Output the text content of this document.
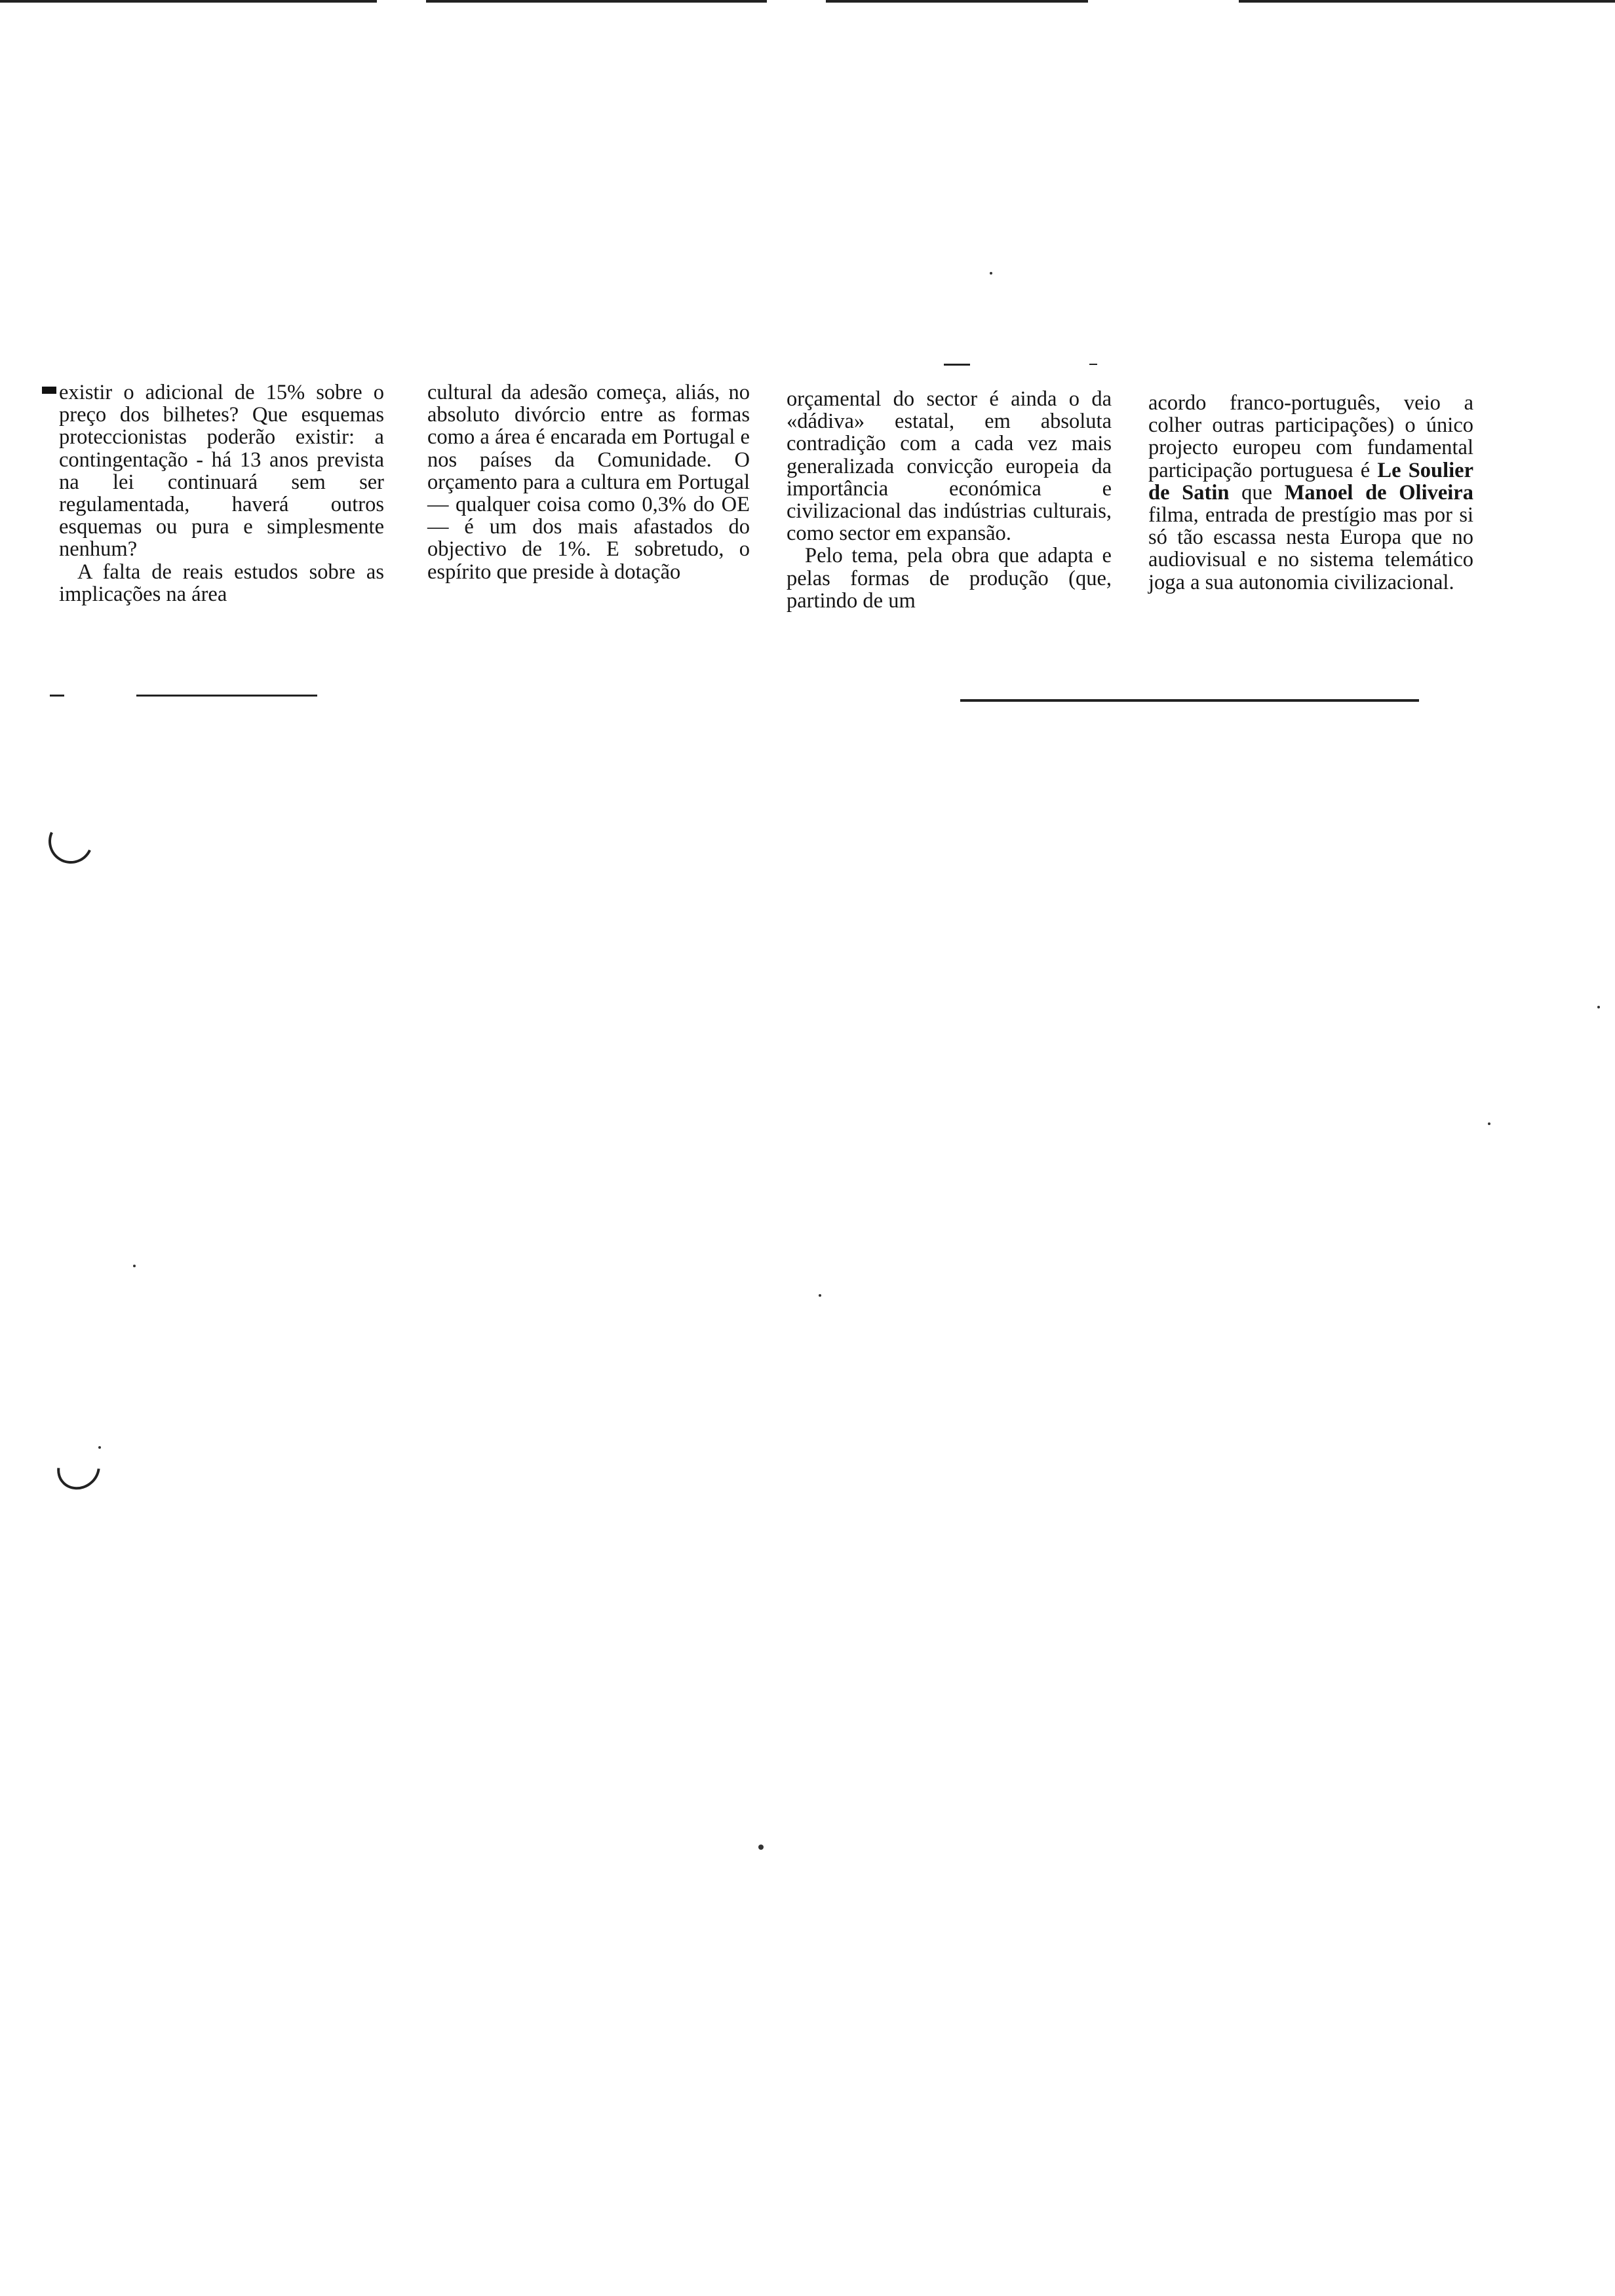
existir o adicional de 15% sobre o preço dos bilhetes? Que esquemas proteccionistas poderão existir: a contingentação - há 13 anos prevista na lei continuará sem ser regulamentada, haverá outros esquemas ou pura e simplesmente nenhum?

A falta de reais estudos sobre as implicações na área

cultural da adesão começa, aliás, no absoluto divórcio entre as formas como a área é encarada em Portugal e nos países da Comunidade. O orçamento para a cultura em Portugal — qualquer coisa como 0,3% do OE — é um dos mais afastados do objectivo de 1%. E sobretudo, o espírito que preside à dotação

orçamental do sector é ainda o da «dádiva» estatal, em absoluta contradição com a cada vez mais generalizada convicção europeia da importância económica e civilizacional das indústrias culturais, como sector em expansão.

Pelo tema, pela obra que adapta e pelas formas de produção (que, partindo de um

acordo franco-português, veio a colher outras participações) o único projecto europeu com fundamental participação portuguesa é Le Soulier de Satin que Manoel de Oliveira filma, entrada de prestígio mas por si só tão escassa nesta Europa que no audiovisual e no sistema telemático joga a sua autonomia civilizacional.
